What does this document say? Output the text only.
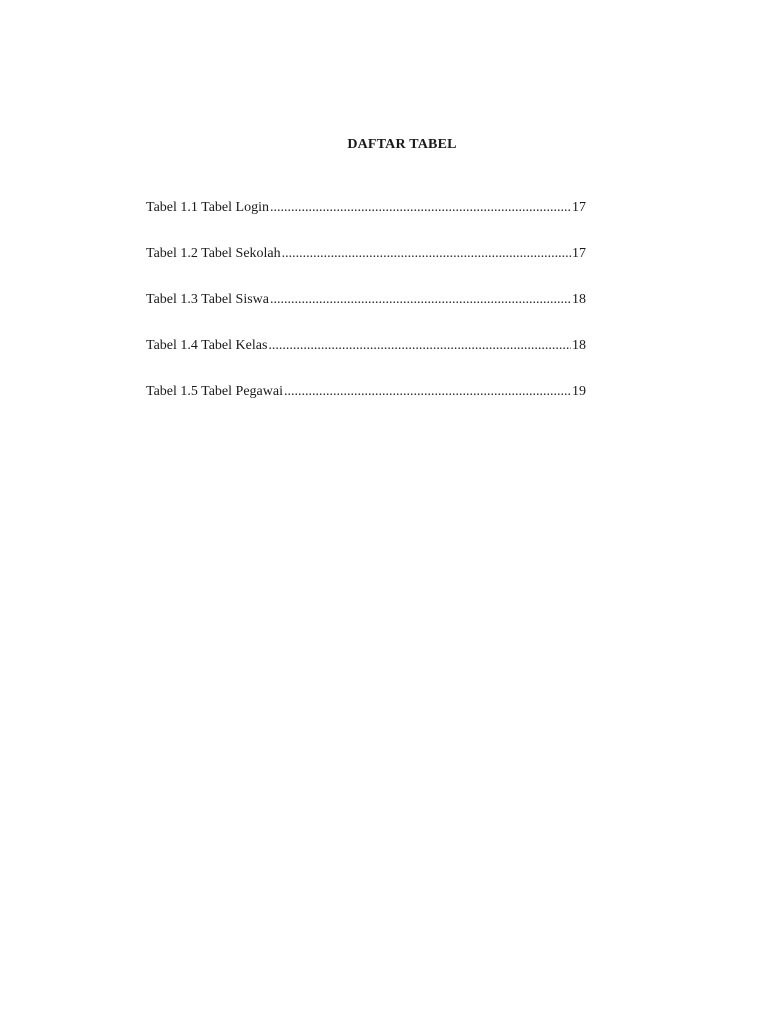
DAFTAR TABEL
Tabel 1.1 Tabel Login .....	17
Tabel 1.2 Tabel Sekolah .....	17
Tabel 1.3 Tabel Siswa .....	18
Tabel 1.4 Tabel Kelas .....	18
Tabel 1.5 Tabel Pegawai .....	19
